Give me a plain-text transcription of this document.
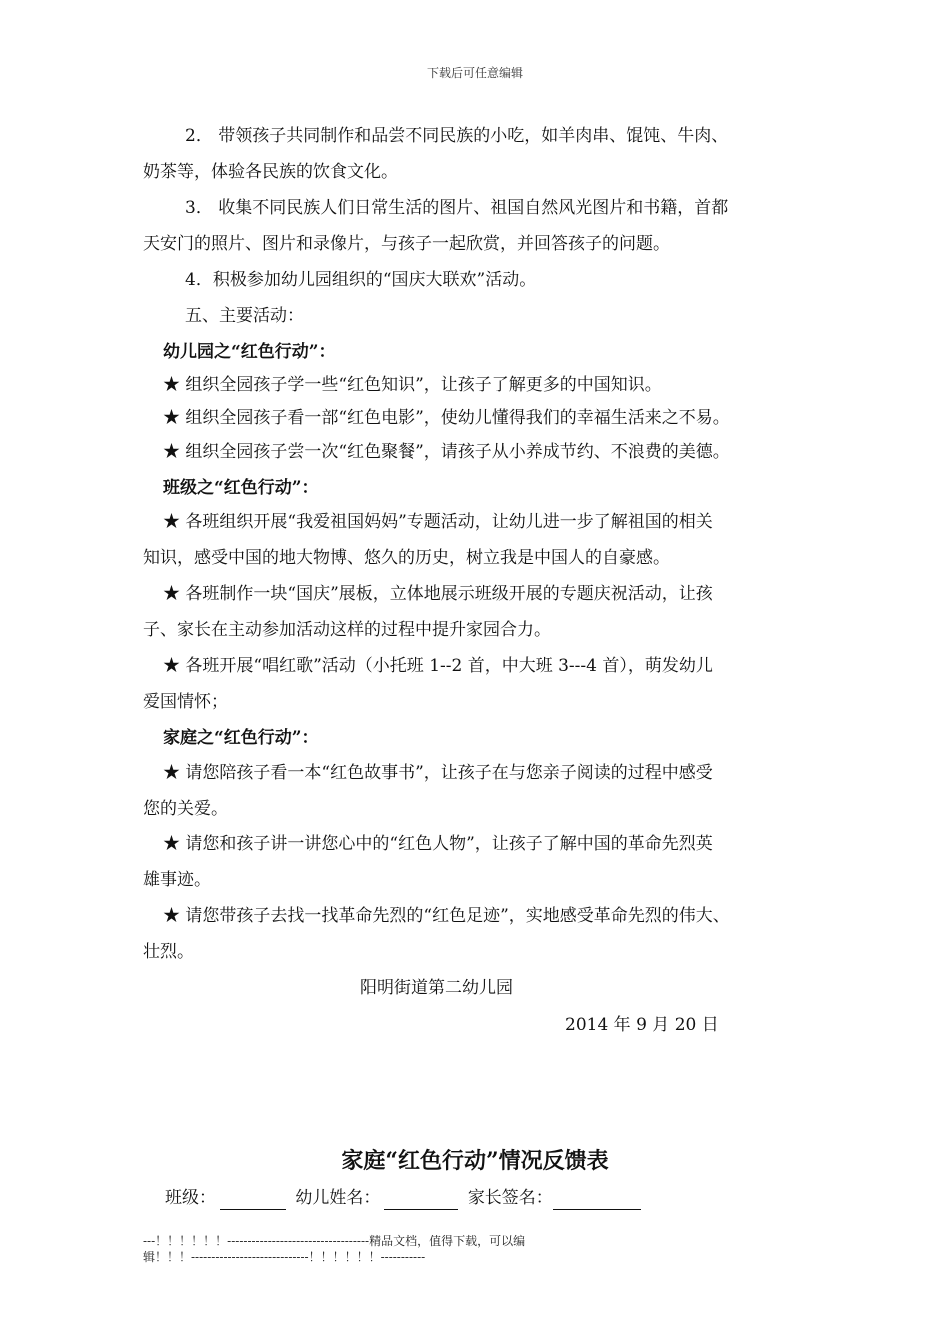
下载后可任意编辑
2． 带领孩子共同制作和品尝不同民族的小吃，如羊肉串、馄饨、牛肉、
奶茶等，体验各民族的饮食文化。
3． 收集不同民族人们日常生活的图片、祖国自然风光图片和书籍，首都
天安门的照片、图片和录像片，与孩子一起欣赏，并回答孩子的问题。
4．积极参加幼儿园组织的“国庆大联欢”活动。
五、主要活动：
幼儿园之“红色行动”：
★ 组织全园孩子学一些“红色知识”，让孩子了解更多的中国知识。
★ 组织全园孩子看一部“红色电影”，使幼儿懂得我们的幸福生活来之不易。
★ 组织全园孩子尝一次“红色聚餐”，请孩子从小养成节约、不浪费的美德。
班级之“红色行动”：
★ 各班组织开展“我爱祖国妈妈”专题活动，让幼儿进一步了解祖国的相关
知识，感受中国的地大物博、悠久的历史，树立我是中国人的自豪感。
★ 各班制作一块“国庆”展板，立体地展示班级开展的专题庆祝活动，让孩
子、家长在主动参加活动这样的过程中提升家园合力。
★ 各班开展“唱红歌”活动（小托班 1--2 首，中大班 3---4 首），萌发幼儿
爱国情怀；
家庭之“红色行动”：
★ 请您陪孩子看一本“红色故事书”，让孩子在与您亲子阅读的过程中感受
您的关爱。
★ 请您和孩子讲一讲您心中的“红色人物”，让孩子了解中国的革命先烈英
雄事迹。
★ 请您带孩子去找一找革命先烈的“红色足迹”，实地感受革命先烈的伟大、
壮烈。
阳明街道第二幼儿园
2014 年 9 月 20 日
家庭“红色行动”情况反馈表
班级：	幼儿姓名：	家长签名：
---！！！！！！-----------------------------------精品文档，值得下载，可以编
辑！！！-----------------------------！！！！！！-----------
